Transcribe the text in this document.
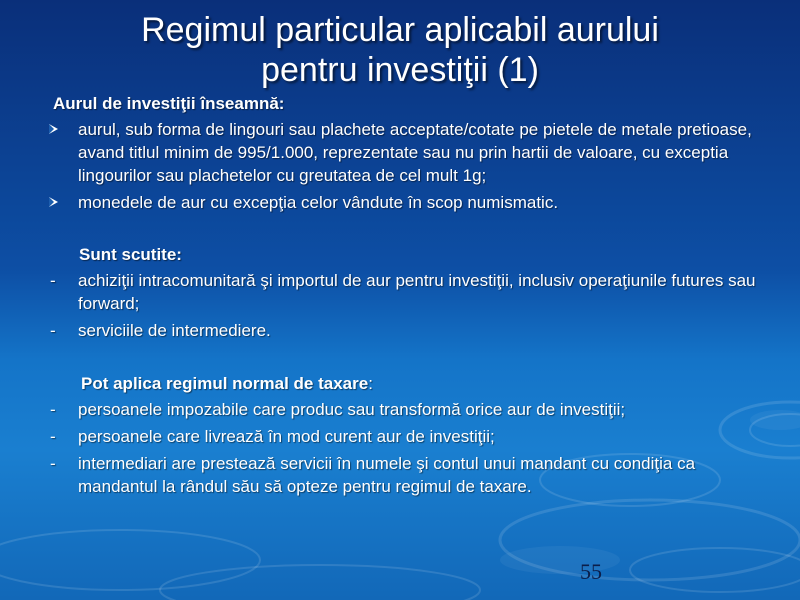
Regimul particular aplicabil aurului
pentru investiţii (1)
Aurul de investiţii înseamnă:
aurul, sub forma de lingouri sau plachete acceptate/cotate pe pietele de metale pretioase, avand titlul minim de 995/1.000, reprezentate sau nu prin hartii de valoare, cu exceptia lingourilor sau plachetelor cu greutatea de cel mult 1g;
monedele de aur cu excepţia celor vândute în scop numismatic.
Sunt scutite:
- achiziţii intracomunitară şi importul de aur pentru investiţii, inclusiv operaţiunile futures sau forward;
- serviciile de intermediere.
Pot aplica regimul normal de taxare:
- persoanele impozabile care produc sau transformă orice aur de investiţii;
- persoanele care livrează în mod curent aur de investiţii;
- intermediari are prestează servicii în numele şi contul unui mandant cu condiţia ca mandantul la rândul său să opteze pentru regimul de taxare.
55
